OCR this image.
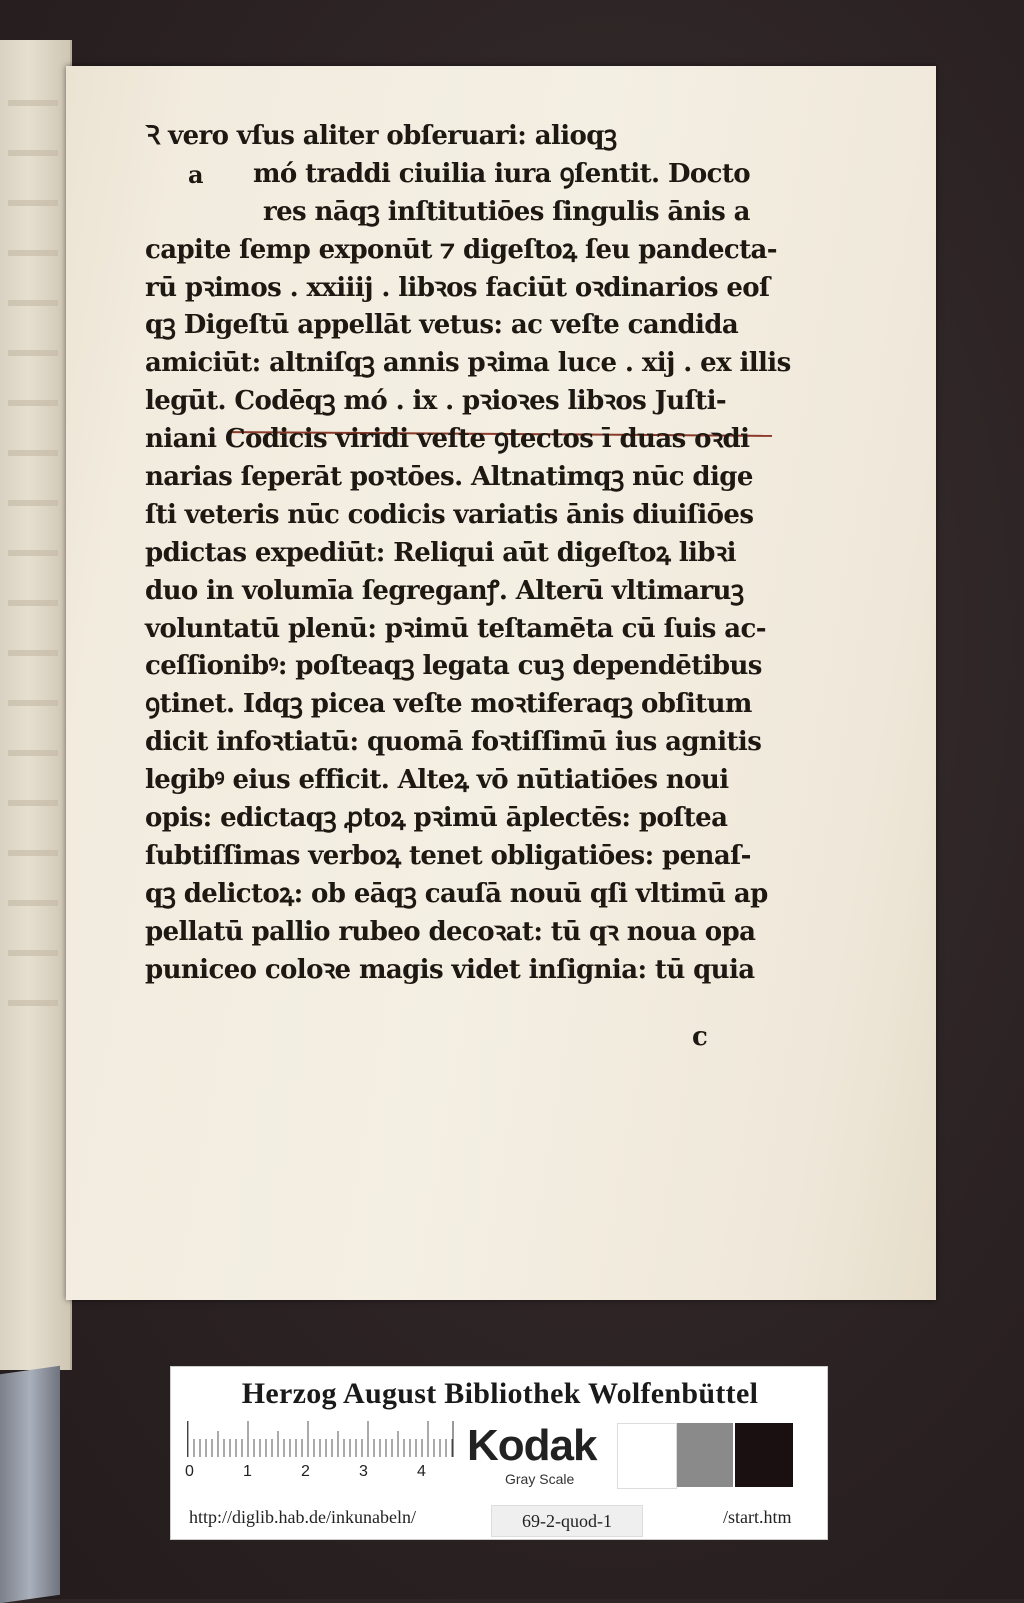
a
Ꝛ vero vſus aliter obſeruari: alioqꝫ
mó traddi ciuilia iura ꝯſentit. Docto
res nāqꝫ inſtitutiōes ſingulis ānis a
capite ſemp exponūt ⁊ digeſtoꝝ ſeu pandecta-
rū pꝛimos . xxiiij . libꝛos faciūt oꝛdinarios eoſ
qꝫ Digeſtū appellāt vetus: ac veſte candida
amiciūt: altniſqꝫ annis pꝛima luce . xij . ex illis
legūt. Codēqꝫ mó . ix . pꝛioꝛes libꝛos Juſti-
niani Codicis viridi veſte ꝯtectos ī duas oꝛdi
narias ſeperāt poꝛtōes. Altnatimqꝫ nūc dige
ſti veteris nūc codicis variatis ānis diuiſiōes
pdictas expediūt: Reliqui aūt digeſtoꝝ libꝛi
duo in volumīa ſegreganꝭ. Alterū vltimaruꝫ
voluntatū plenū: pꝛimū teſtamēta cū ſuis ac-
ceſſionibꝰ: poſteaqꝫ legata cuꝫ dependētibus
ꝯtinet. Idqꝫ picea veſte moꝛtiferaqꝫ obſitum
dicit infoꝛtiatū: quomā foꝛtiſſimū ius agnitis
legibꝰ eius efficit. Alteꝝ vō nūtiatiōes noui
opis: edictaqꝫ ꝓtoꝝ pꝛimū āplectēs: poſtea
ſubtiſſimas verboꝝ tenet obligatiōes: penaſ-
qꝫ delictoꝝ: ob eāqꝫ cauſā nouū qſi vltimū ap
pellatū pallio rubeo decoꝛat: tū qꝛ noua opa
puniceo coloꝛe magis videt inſignia: tū quia
c
Herzog August Bibliothek Wolfenbüttel
0	1	2	3	4
Kodak
Gray Scale
http://diglib.hab.de/inkunabeln/	69-2-quod-1	/start.htm
